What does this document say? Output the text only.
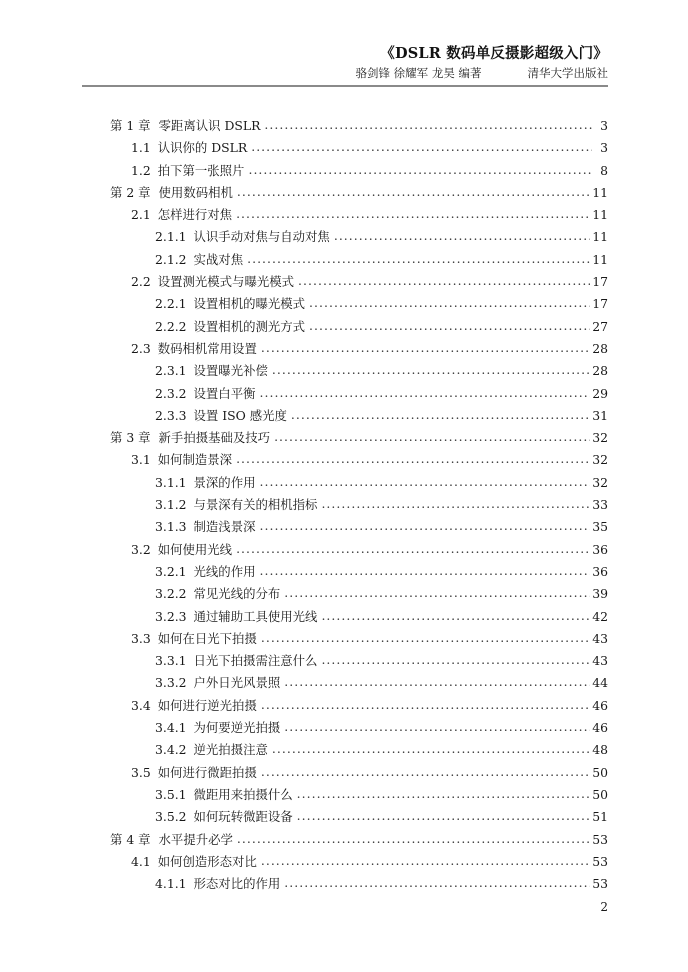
《DSLR 数码单反摄影超级入门》
骆剑锋 徐耀军 龙昊 编著	清华大学出版社
第 1 章 零距离认识 DSLR .....	3
1.1 认识你的 DSLR .....	3
1.2 拍下第一张照片 .....	8
第 2 章 使用数码相机 .....	11
2.1 怎样进行对焦 .....	11
2.1.1 认识手动对焦与自动对焦 .....	11
2.1.2 实战对焦 .....	11
2.2 设置测光模式与曝光模式 .....	17
2.2.1 设置相机的曝光模式 .....	17
2.2.2 设置相机的测光方式 .....	27
2.3 数码相机常用设置 .....	28
2.3.1 设置曝光补偿 .....	28
2.3.2 设置白平衡 .....	29
2.3.3 设置 ISO 感光度 .....	31
第 3 章 新手拍摄基础及技巧 .....	32
3.1 如何制造景深 .....	32
3.1.1 景深的作用 .....	32
3.1.2 与景深有关的相机指标 .....	33
3.1.3 制造浅景深 .....	35
3.2 如何使用光线 .....	36
3.2.1 光线的作用 .....	36
3.2.2 常见光线的分布 .....	39
3.2.3 通过辅助工具使用光线 .....	42
3.3 如何在日光下拍摄 .....	43
3.3.1 日光下拍摄需注意什么 .....	43
3.3.2 户外日光风景照 .....	44
3.4 如何进行逆光拍摄 .....	46
3.4.1 为何要逆光拍摄 .....	46
3.4.2 逆光拍摄注意 .....	48
3.5 如何进行微距拍摄 .....	50
3.5.1 微距用来拍摄什么 .....	50
3.5.2 如何玩转微距设备 .....	51
第 4 章 水平提升必学 .....	53
4.1 如何创造形态对比 .....	53
4.1.1 形态对比的作用 .....	53
2
